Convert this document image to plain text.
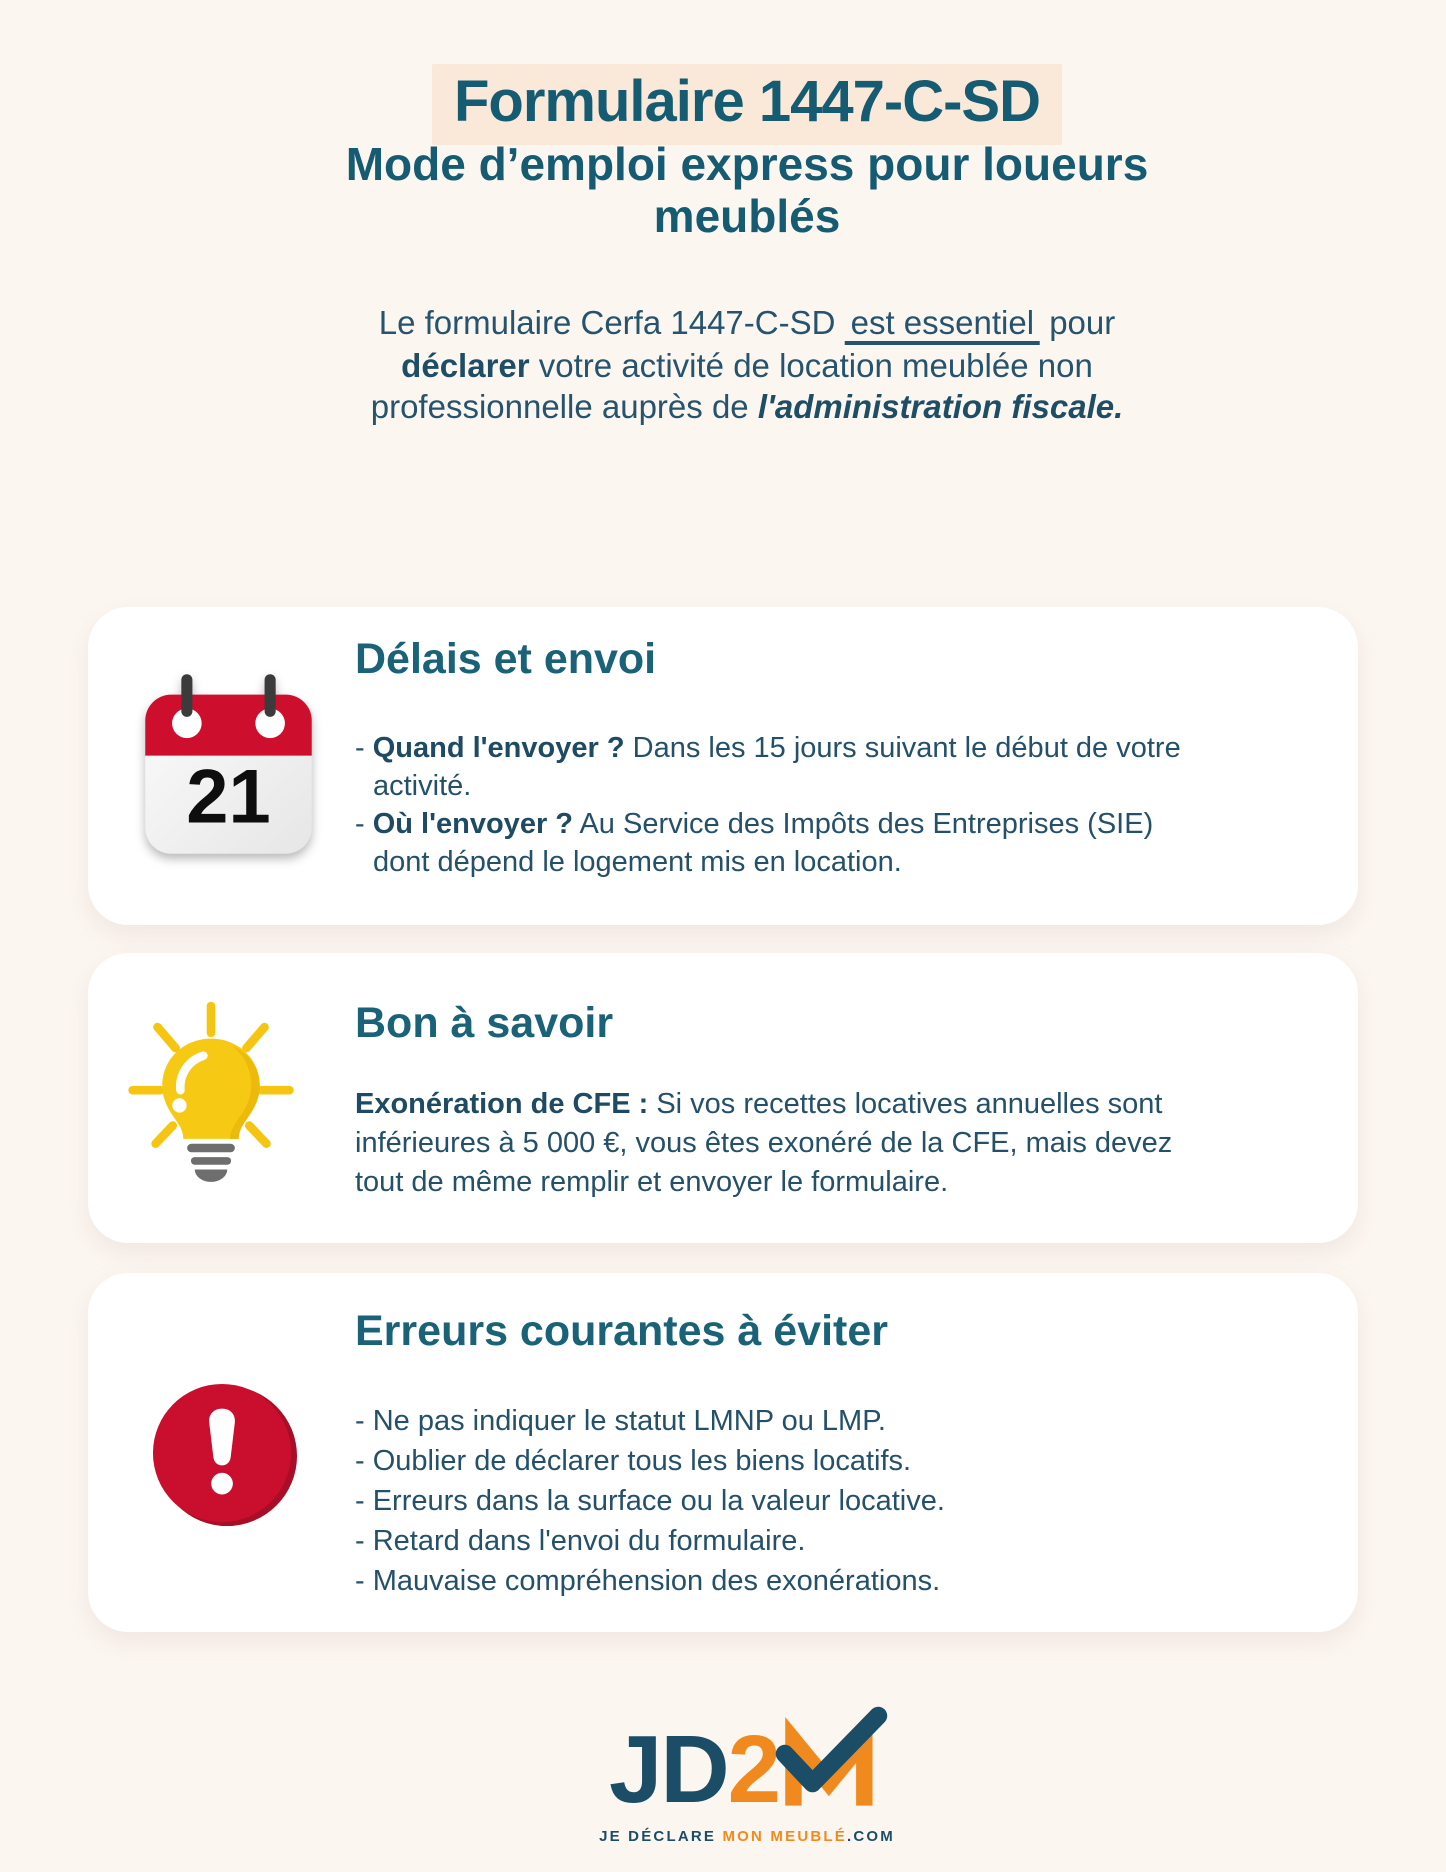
Formulaire 1447-C-SD
Mode d’emploi express pour loueurs
meublés
Le formulaire Cerfa 1447-C-SD est essentiel pour
déclarer votre activité de location meublée non
professionnelle auprès de l'administration fiscale.
21
Délais et envoi
- Quand l'envoyer ? Dans les 15 jours suivant le début de votre
activité.
- Où l'envoyer ? Au Service des Impôts des Entreprises (SIE)
dont dépend le logement mis en location.
Bon à savoir
Exonération de CFE : Si vos recettes locatives annuelles sont
inférieures à 5 000 €, vous êtes exonéré de la CFE, mais devez
tout de même remplir et envoyer le formulaire.
Erreurs courantes à éviter
- Ne pas indiquer le statut LMNP ou LMP.
- Oublier de déclarer tous les biens locatifs.
- Erreurs dans la surface ou la valeur locative.
- Retard dans l'envoi du formulaire.
- Mauvaise compréhension des exonérations.
JD 2
JE DÉCLARE MON MEUBLÉ.COM
